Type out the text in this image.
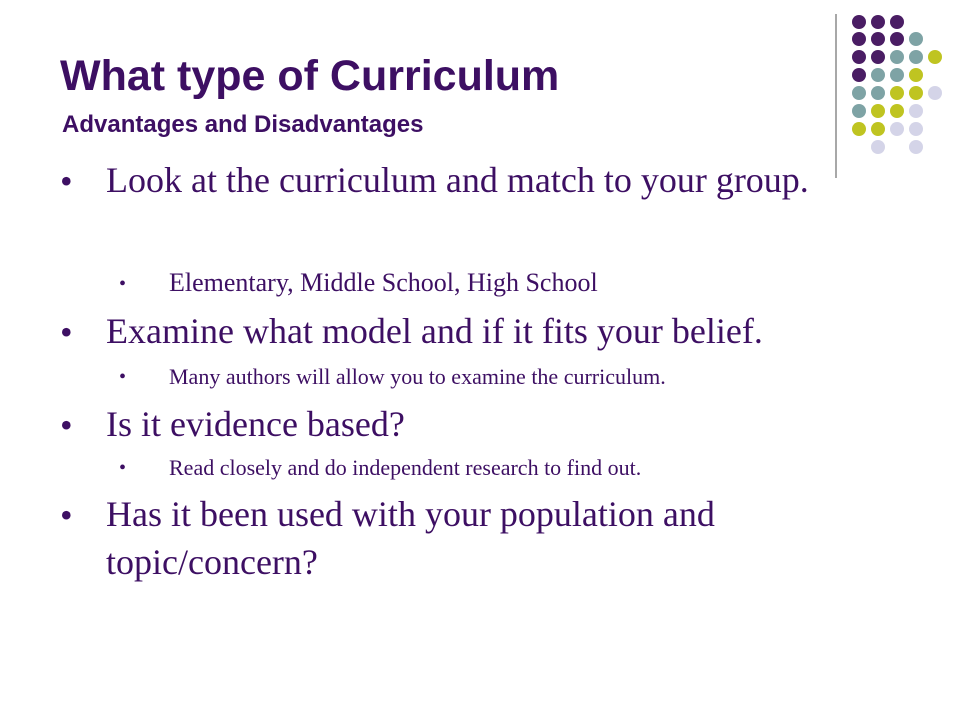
What type of Curriculum
Advantages and Disadvantages
• Look at the curriculum and match to your group.
• Elementary, Middle School, High School
• Examine what model and if it fits your belief.
• Many authors will allow you to examine the curriculum.
• Is it evidence based?
• Read closely and do independent research to find out.
• Has it been used with your population and topic/concern?
